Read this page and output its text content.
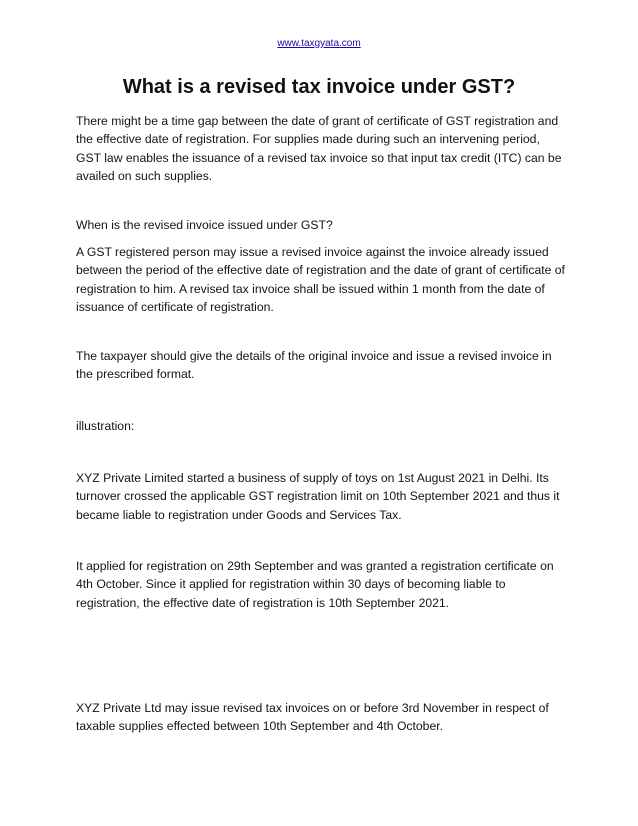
www.taxgyata.com
What is a revised tax invoice under GST?

There might be a time gap between the date of grant of certificate of GST registration and the effective date of registration. For supplies made during such an intervening period, GST law enables the issuance of a revised tax invoice so that input tax credit (ITC) can be availed on such supplies.

When is the revised invoice issued under GST?

A GST registered person may issue a revised invoice against the invoice already issued between the period of the effective date of registration and the date of grant of certificate of registration to him. A revised tax invoice shall be issued within 1 month from the date of issuance of certificate of registration.

The taxpayer should give the details of the original invoice and issue a revised invoice in the prescribed format.

illustration:

XYZ Private Limited started a business of supply of toys on 1st August 2021 in Delhi. Its turnover crossed the applicable GST registration limit on 10th September 2021 and thus it became liable to registration under Goods and Services Tax.

It applied for registration on 29th September and was granted a registration certificate on 4th October. Since it applied for registration within 30 days of becoming liable to registration, the effective date of registration is 10th September 2021.

XYZ Private Ltd may issue revised tax invoices on or before 3rd November in respect of taxable supplies effected between 10th September and 4th October.
